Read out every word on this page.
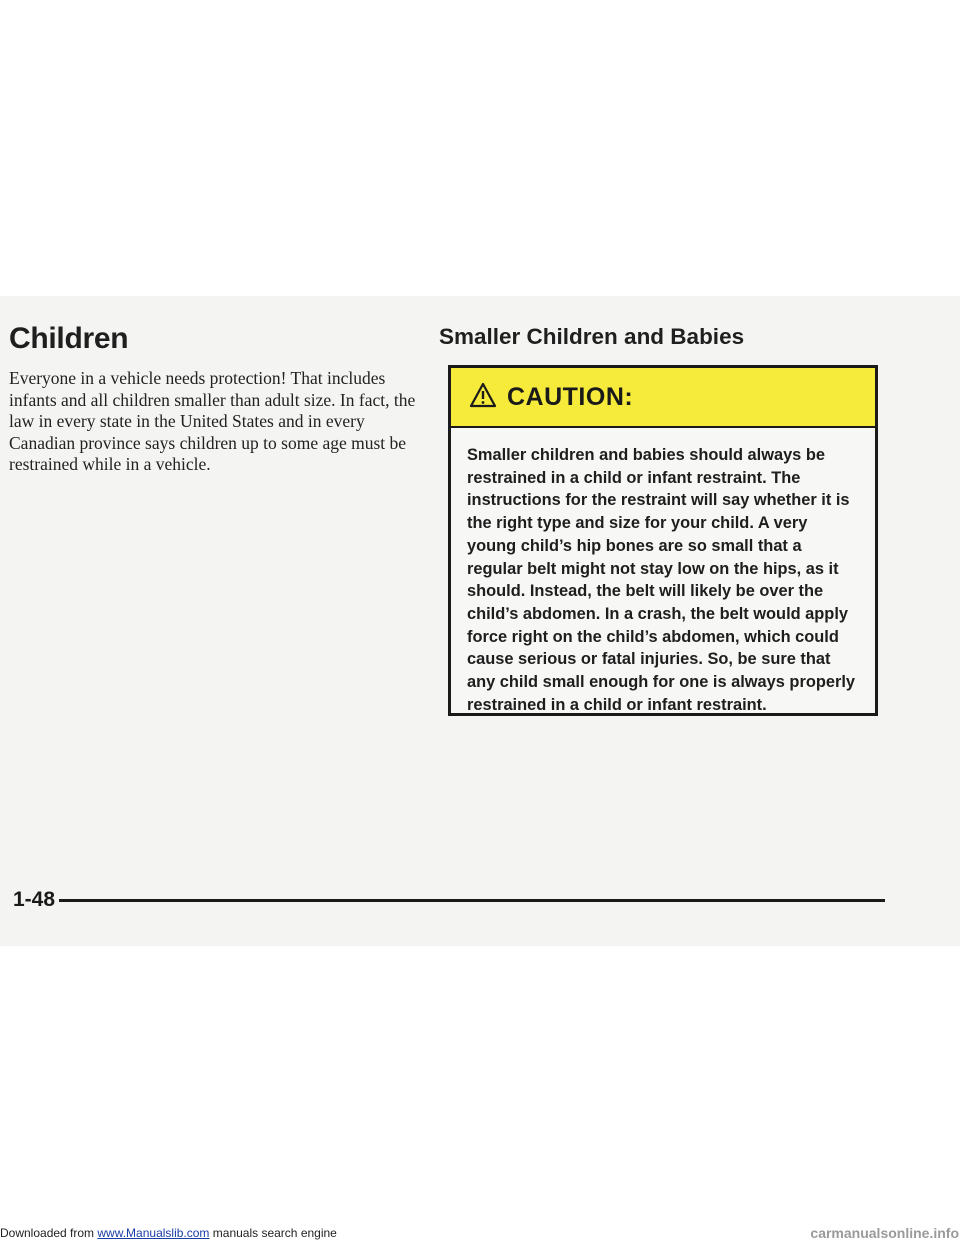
Children

Everyone in a vehicle needs protection! That includes infants and all children smaller than adult size. In fact, the law in every state in the United States and in every Canadian province says children up to some age must be restrained while in a vehicle.

Smaller Children and Babies
CAUTION:

Smaller children and babies should always be restrained in a child or infant restraint. The instructions for the restraint will say whether it is the right type and size for your child. A very young child’s hip bones are so small that a regular belt might not stay low on the hips, as it should. Instead, the belt will likely be over the child’s abdomen. In a crash, the belt would apply force right on the child’s abdomen, which could cause serious or fatal injuries. So, be sure that any child small enough for one is always properly restrained in a child or infant restraint.

1-48
Downloaded from www.Manualslib.com manuals search engine	carmanualsonline.info
